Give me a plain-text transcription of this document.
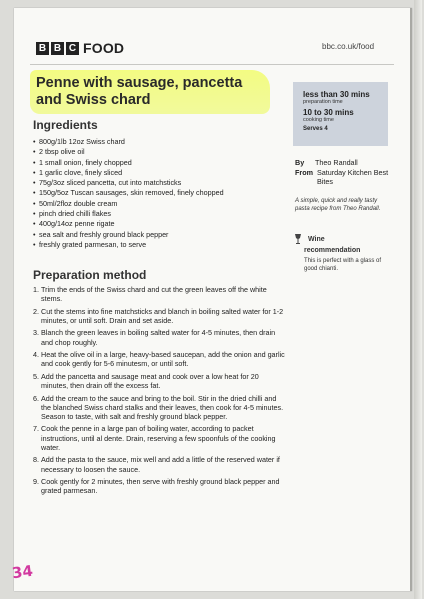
B B C FOOD	bbc.co.uk/food
Penne with sausage, pancetta and Swiss chard
Ingredients
• 800g/1lb 12oz Swiss chard
• 2 tbsp olive oil
• 1 small onion, finely chopped
• 1 garlic clove, finely sliced
• 75g/3oz sliced pancetta, cut into matchsticks
• 150g/5oz Tuscan sausages, skin removed, finely chopped
• 50ml/2floz double cream
• pinch dried chilli flakes
• 400g/14oz penne rigate
• sea salt and freshly ground black pepper
• freshly grated parmesan, to serve
Preparation method
1. Trim the ends of the Swiss chard and cut the green leaves off the white stems.
2. Cut the stems into fine matchsticks and blanch in boiling salted water for 1-2 minutes, or until soft. Drain and set aside.
3. Blanch the green leaves in boiling salted water for 4-5 minutes, then drain and chop roughly.
4. Heat the olive oil in a large, heavy-based saucepan, add the onion and garlic and cook gently for 5-6 minutesm, or until soft.
5. Add the pancetta and sausage meat and cook over a low heat for 20 minutes, then drain off the excess fat.
6. Add the cream to the sauce and bring to the boil. Stir in the dried chilli and the blanched Swiss chard stalks and their leaves, then cook for 4-5 minutes. Season to taste, with salt and freshly ground black pepper.
7. Cook the penne in a large pan of boiling water, according to packet instructions, until al dente. Drain, reserving a few spoonfuls of the cooking water.
8. Add the pasta to the sauce, mix well and add a little of the reserved water if necessary to loosen the sauce.
9. Cook gently for 2 minutes, then serve with freshly ground black pepper and grated parmesan.
less than 30 mins
preparation time
10 to 30 mins
cooking time
Serves 4
By	Theo Randall
From Saturday Kitchen Best Bites
A simple, quick and really tasty pasta recipe from Theo Randall.
Wine
recommendation
This is perfect with a glass of good chianti.
34
